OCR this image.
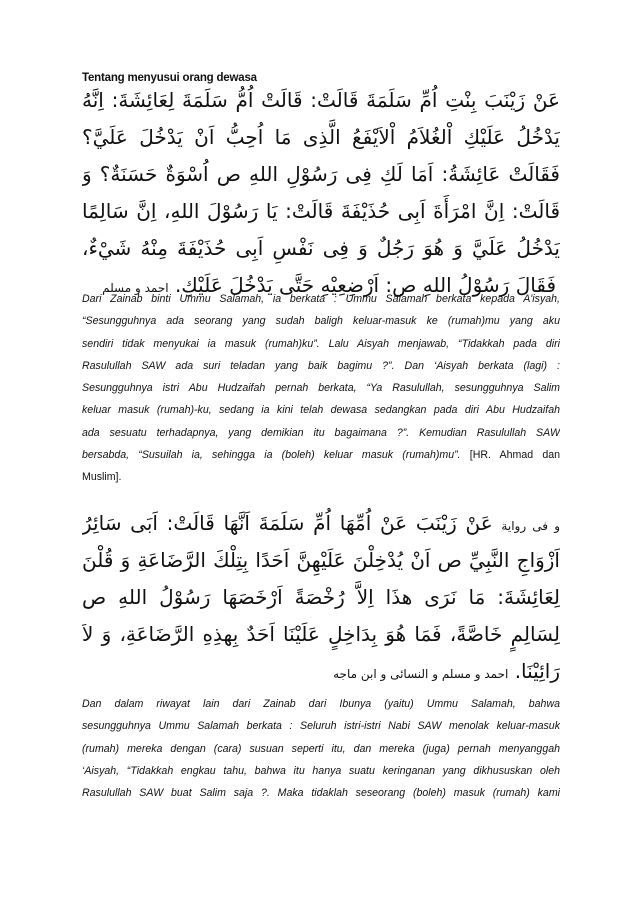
Tentang menyusui orang dewasa
عَنْ زَيْنَبَ بِنْتِ اُمِّ سَلَمَةَ قَالَتْ: قَالَتْ اُمُّ سَلَمَةَ لِعَائِشَةَ: اِنَّهُ
يَدْخُلُ عَلَيْكِ اْلغُلاَمُ اْلاَيْفَعُ الَّذِى مَا اُحِبُّ اَنْ يَدْخُلَ عَلَيَّ؟
فَقَالَتْ عَائِشَةُ: اَمَا لَكِ فِى رَسُوْلِ اللهِ ص اُسْوَةٌ حَسَنَةٌ؟ وَ
قَالَتْ: اِنَّ امْرَأَةَ اَبِى حُذَيْفَةَ قَالَتْ: يَا رَسُوْلَ اللهِ، اِنَّ سَالِمًا
يَدْخُلُ عَلَيَّ وَ هُوَ رَجُلٌ وَ فِى نَفْسِ اَبِى حُذَيْفَةَ مِنْهُ شَيْءٌ،
فَقَالَ رَسُوْلُ اللهِ ص: اَرْضِعِيْهِ حَتَّى يَدْخُلَ عَلَيْكِ. احمد و مسلم
Dari Zainab binti Ummu Salamah, ia berkata : Ummu Salamah berkata kepada A'isyah,
“Sesungguhnya ada seorang yang sudah baligh keluar-masuk ke (rumah)mu yang aku
sendiri tidak menyukai ia masuk (rumah)ku”. Lalu Aisyah menjawab, “Tidakkah pada diri
Rasulullah SAW ada suri teladan yang baik bagimu ?”. Dan ‘Aisyah berkata (lagi) :
Sesungguhnya istri Abu Hudzaifah pernah berkata, “Ya Rasulullah, sesungguhnya Salim
keluar masuk (rumah)-ku, sedang ia kini telah dewasa sedangkan pada diri Abu Hudzaifah
ada sesuatu terhadapnya, yang demikian itu bagaimana ?”. Kemudian Rasulullah SAW
bersabda, “Susuilah ia, sehingga ia (boleh) keluar masuk (rumah)mu”. [HR. Ahmad dan
Muslim].
و فى رواية عَنْ زَيْنَبَ عَنْ اُمِّهَا اُمِّ سَلَمَةَ اَنَّهَا قَالَتْ: اَبَى سَائِرُ
اَزْوَاجِ النَّبِيِّ ص اَنْ يُدْخِلْنَ عَلَيْهِنَّ اَحَدًا بِتِلْكَ الرَّضَاعَةِ وَ قُلْنَ
لِعَائِشَةَ: مَا نَرَى هذَا اِلاَّ رُخْصَةً اَرْخَصَهَا رَسُوْلُ اللهِ ص
لِسَالِمٍ خَاصَّةً، فَمَا هُوَ بِدَاخِلٍ عَلَيْنَا اَحَدٌ بِهذِهِ الرَّضَاعَةِ، وَ لاَ
رَائِيْنَا. احمد و مسلم و النسائى و ابن ماجه
Dan dalam riwayat lain dari Zainab dari Ibunya (yaitu) Ummu Salamah, bahwa
sesungguhnya Ummu Salamah berkata : Seluruh istri-istri Nabi SAW menolak keluar-masuk
(rumah) mereka dengan (cara) susuan seperti itu, dan mereka (juga) pernah menyanggah
‘Aisyah, “Tidakkah engkau tahu, bahwa itu hanya suatu keringanan yang dikhususkan oleh
Rasulullah SAW buat Salim saja ?. Maka tidaklah seseorang (boleh) masuk (rumah) kami
